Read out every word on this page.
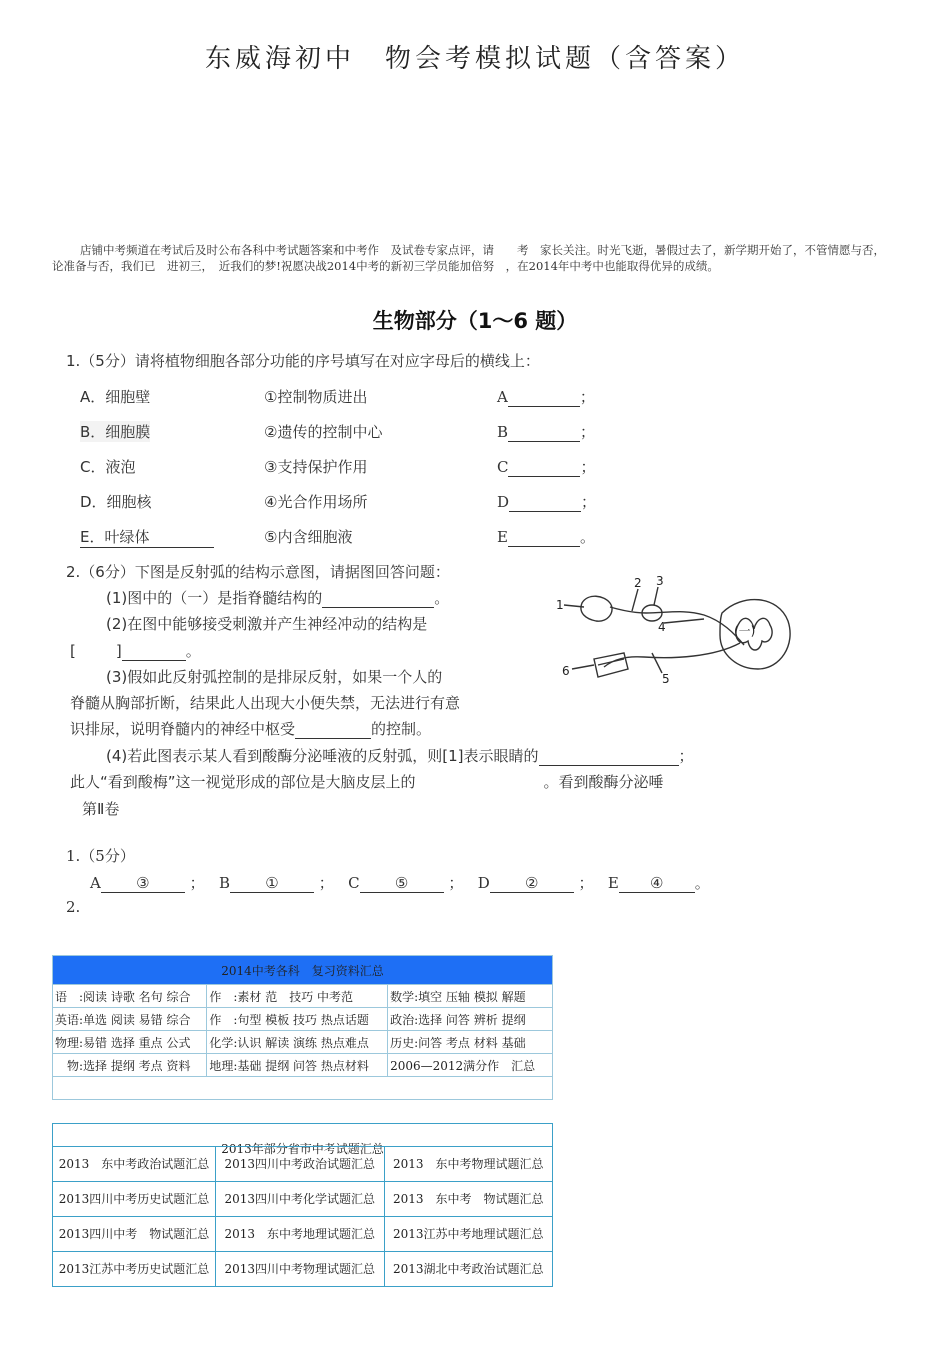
东威海初中　物会考模拟试题（含答案）
店铺中考频道在考试后及时公布各科中考试题答案和中考作　及试卷专家点评，请　　考　家长关注。时光飞逝，暑假过去了，新学期开始了，不管情愿与否，　论准备与否，我们已　进初三，　近我们的梦!祝愿决战2014中考的新初三学员能加倍努　，在2014年中考中也能取得优异的成绩。
生物部分（1～6 题）
1.（5分）请将植物细胞各部分功能的序号填写在对应字母后的横线上：
A．细胞壁	①控制物质进出	A	；
B．细胞膜	②遗传的控制中心	B	；
C．液泡	③支持保护作用	C	；
D．细胞核	④光合作用场所	D	；
E．叶绿体	⑤内含细胞液	E	。
2.（6分）下图是反射弧的结构示意图，请据图回答问题：
(1)图中的（一）是指脊髓结构的	。
(2)在图中能够接受刺激并产生神经冲动的结构是
[	]	。
(3)假如此反射弧控制的是排尿反射，如果一个人的
脊髓从胸部折断，结果此人出现大小便失禁，无法进行有意
识排尿，说明脊髓内的神经中枢受	的控制。
(4)若此图表示某人看到酸酶分泌唾液的反射弧，则[1]表示眼睛的	；
此人“看到酸梅”这一视觉形成的部位是大脑皮层上的	。看到酸酶分泌唾
1
2 3
4
5
6
(一)
第Ⅱ卷
1.（5分）
A ③	； B ①	； C ⑤	； D ②	； E ④ 。
2.
2014中考各科　复习资料汇总		
语　:阅读 诗歌 名句 综合	作　:素材 范　技巧 中考范	数学:填空 压轴 模拟 解题
英语:单选 阅读 易错 综合	作　:句型 模板 技巧 热点话题	政治:选择 问答 辨析 提纲
物理:易错 选择 重点 公式	化学:认识 解读 演练 热点难点	历史:问答 考点 材料 基础
　物:选择 提纲 考点 资料	地理:基础 提纲 问答 热点材料	2006—2012满分作　汇总

2013年部分省市中考试题汇总

2013　东中考政治试题汇总	2013四川中考政治试题汇总	2013　东中考物理试题汇总
2013四川中考历史试题汇总	2013四川中考化学试题汇总	2013　东中考　物试题汇总
2013四川中考　物试题汇总	2013　东中考地理试题汇总	2013江苏中考地理试题汇总
2013江苏中考历史试题汇总	2013四川中考物理试题汇总	2013湖北中考政治试题汇总
